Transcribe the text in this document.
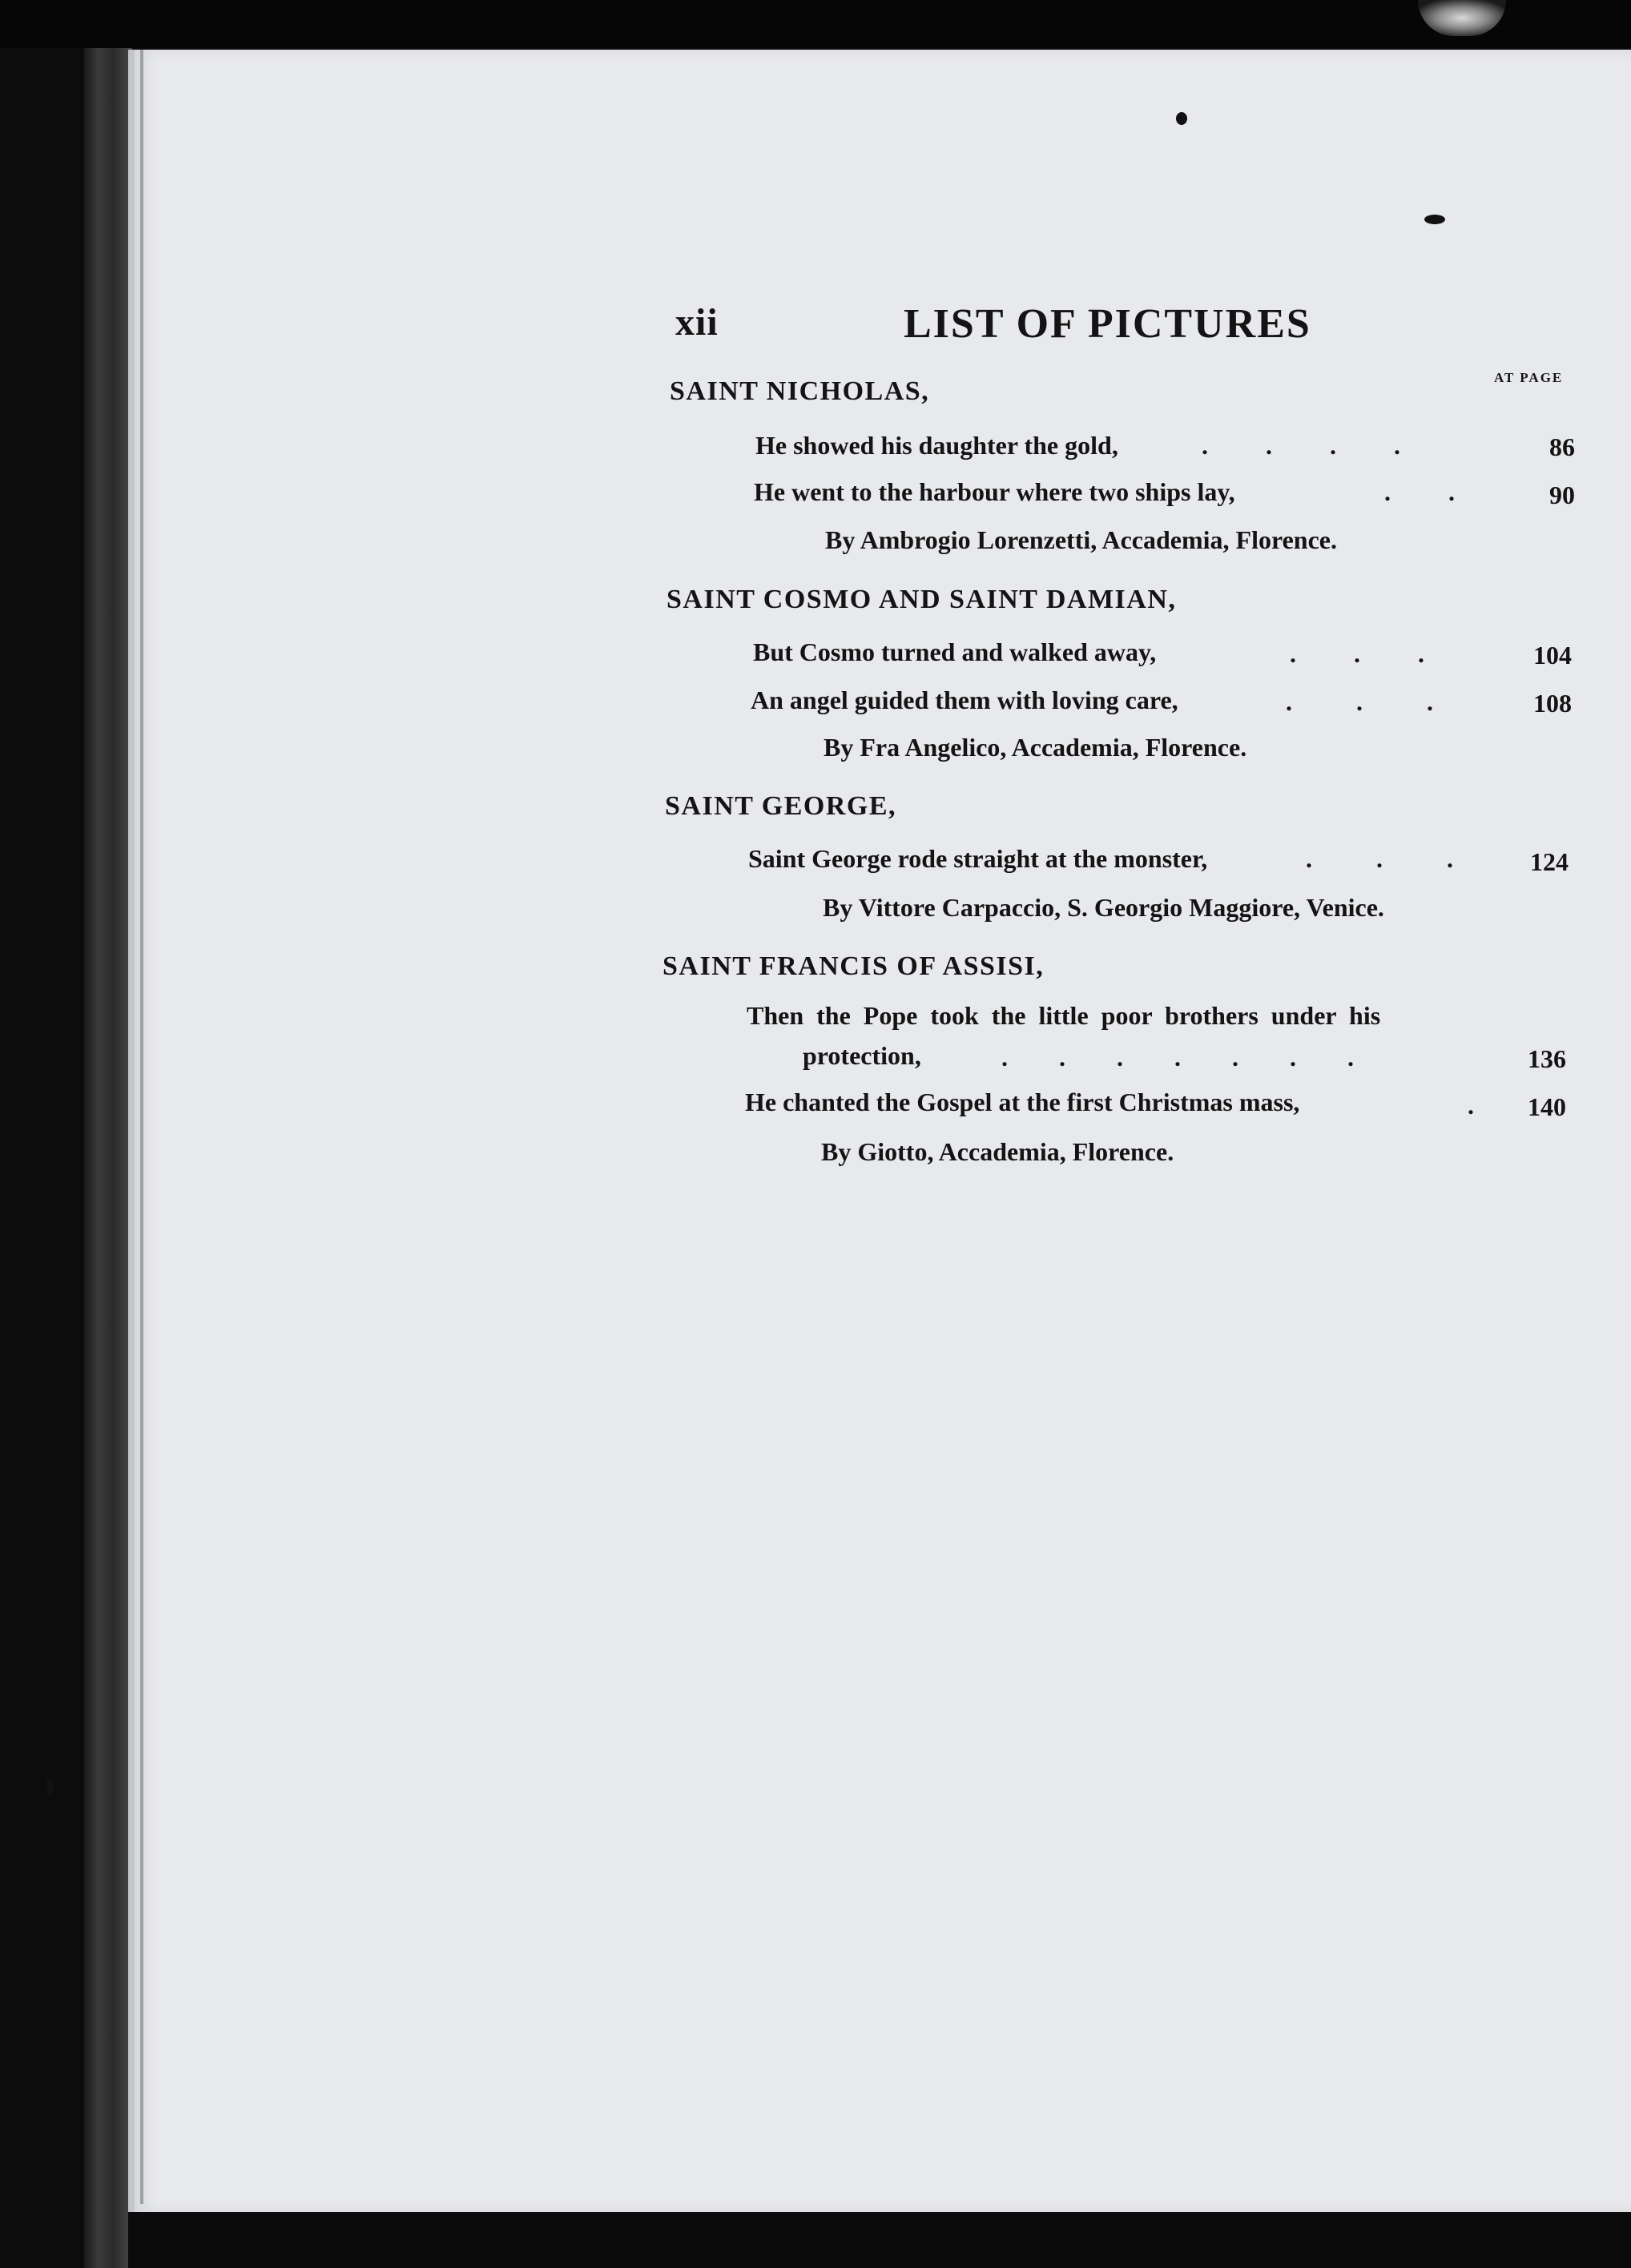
xii	LIST OF PICTURES
AT PAGE
SAINT NICHOLAS,
He showed his daughter the gold,	.         .         .         .	86
He went to the harbour where two ships lay,	.         .	90
By Ambrogio Lorenzetti, Accademia, Florence.
SAINT COSMO AND SAINT DAMIAN,
But Cosmo turned and walked away,	.         .         .	104
An angel guided them with loving care,	.          .          .	108
By Fra Angelico, Accademia, Florence.
SAINT GEORGE,
Saint George rode straight at the monster,	.          .          .	124
By Vittore Carpaccio, S. Georgio Maggiore, Venice.
SAINT FRANCIS OF ASSISI,
Then the Pope took the little poor brothers under his
protection,	.        .        .        .        .        .        .	136
He chanted the Gospel at the first Christmas mass,	.	140
By Giotto, Accademia, Florence.
